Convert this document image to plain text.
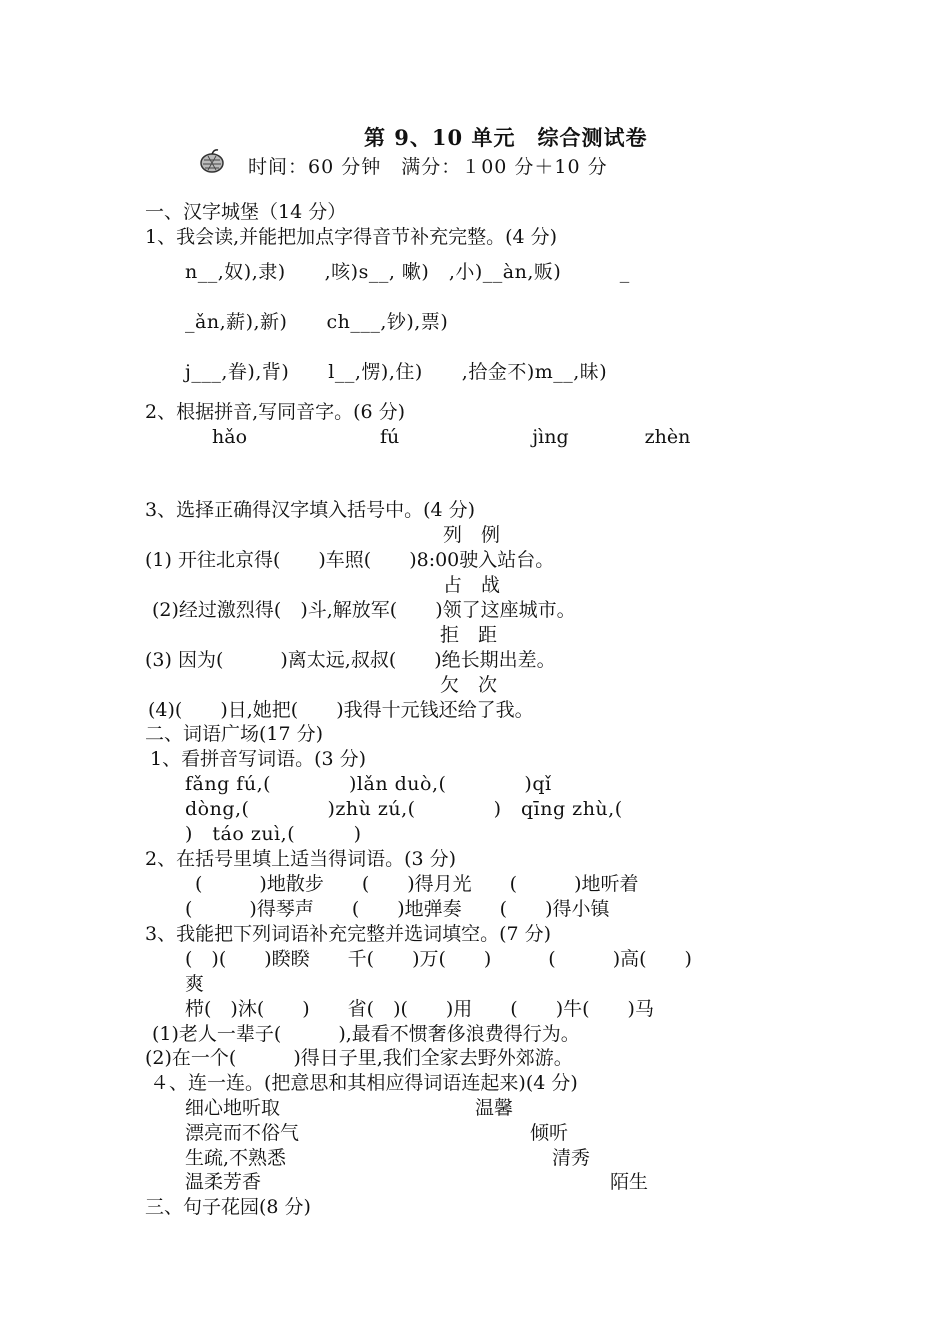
第 9、10 单元　综合测试卷
时间：60 分钟　满分：１00 分＋10 分
一、汉字城堡（14 分）
1、我会读,并能把加点字得音节补充完整。(4 分)
n__,奴),隶)　　,咳)s__, 嗽)　,小)__àn,贩)　　　_
_ǎn,薪),新)　　ch___,钞),票)
j___,眷),背)　　l__,愣),住)　　,拾金不)m__,昧)
2、根据拼音,写同音字。(6 分)
hǎo　　　　　　　fú　　　　　　　jìng　　　　zhèn
3、选择正确得汉字填入括号中。(4 分)
列　例
(1) 开往北京得(　　)车照(　　)8:00驶入站台。
占　战
(2)经过激烈得(　)斗,解放军(　　)领了这座城市。
拒　距
(3) 因为(　　　)离太远,叔叔(　　)绝长期出差。
欠　次
(4)(　　)日,她把(　　)我得十元钱还给了我。
二、词语广场(17 分)
1、看拼音写词语。(3 分)
fǎng fú,(　　　　)lǎn duò,(　　　　)qǐ
dòng,(　　　　)zhù zú,(　　　　)　qīng zhù,(
)　táo zuì,(　　　)
2、在括号里填上适当得词语。(3 分)
(　　　)地散步　　(　　)得月光　　(　　　)地听着
(　　　)得琴声　　(　　)地弹奏　　(　　)得小镇
3、我能把下列词语补充完整并选词填空。(7 分)
(　)(　　)睽睽　　千(　　)万(　　)　　　(　　　)高(　　)
爽
栉(　)沐(　　)　　省(　)(　　)用　　(　　)牛(　　)马
(1)老人一辈子(　　　),最看不惯奢侈浪费得行为。
(2)在一个(　　　)得日子里,我们全家去野外郊游。
４、连一连。(把意思和其相应得词语连起来)(4 分)
细心地听取	温馨
漂亮而不俗气	倾听
生疏,不熟悉	清秀
温柔芳香	陌生
三、句子花园(8 分)
